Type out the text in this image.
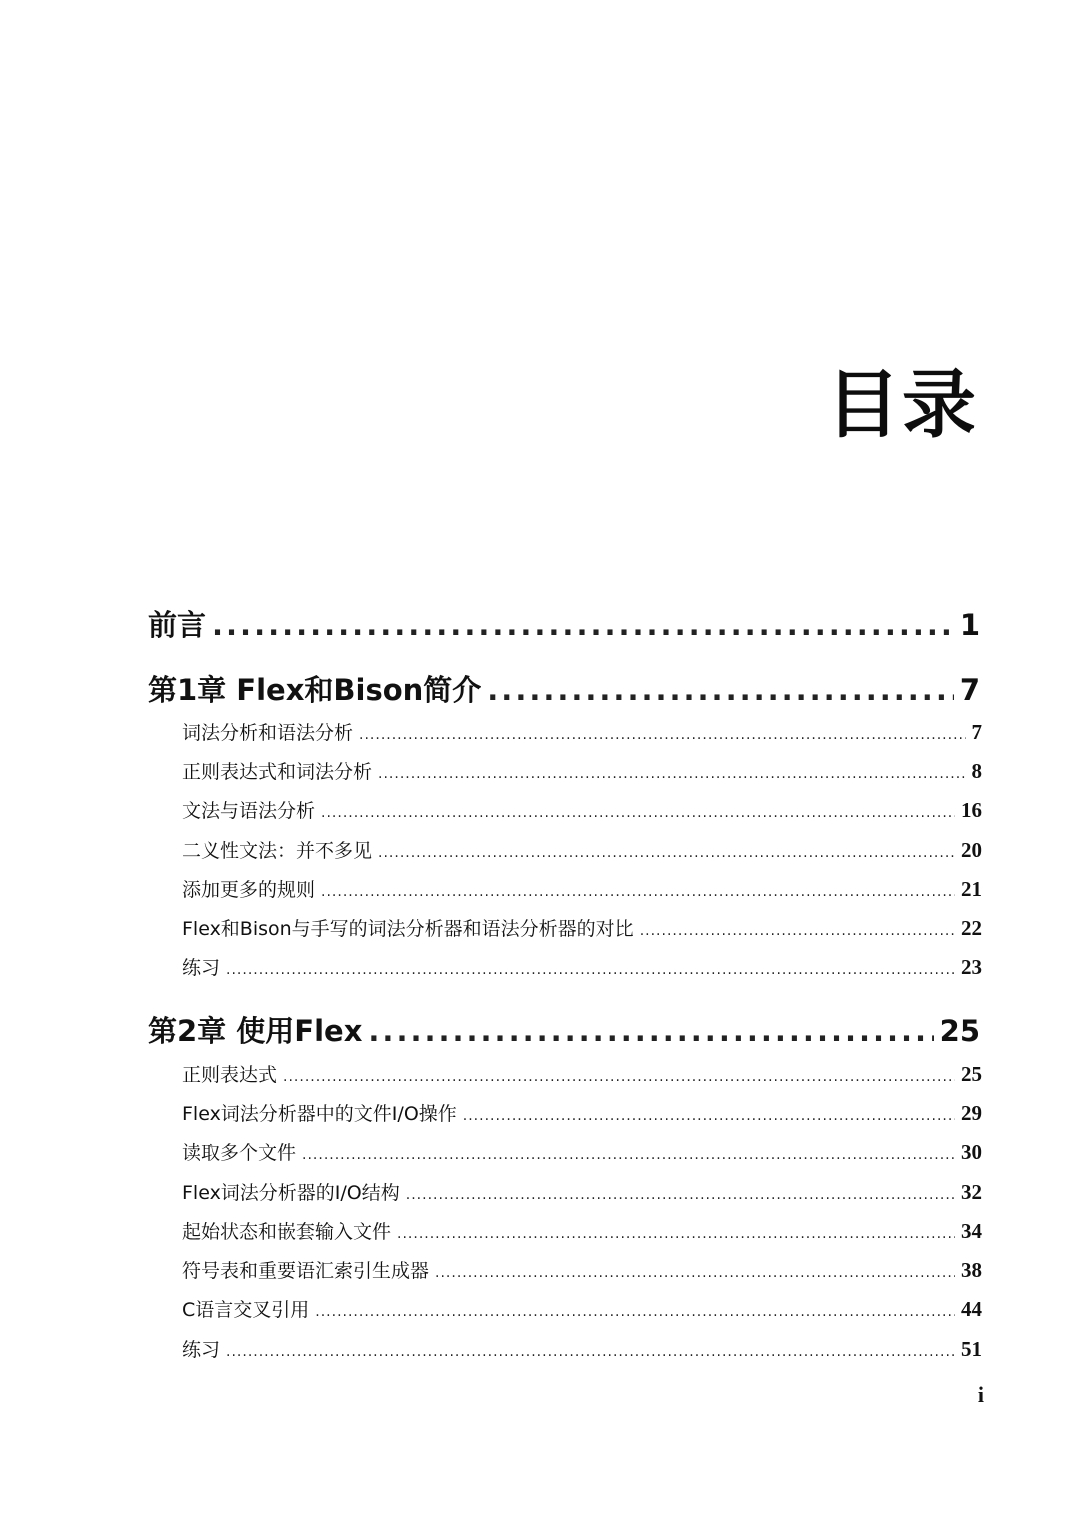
目录
前言 .....	1
第1章 Flex和Bison简介 .....	7
词法分析和语法分析 .....	7
正则表达式和词法分析 .....	8
文法与语法分析 .....	16
二义性文法：并不多见 .....	20
添加更多的规则 .....	21
Flex和Bison与手写的词法分析器和语法分析器的对比 .....	22
练习 .....	23
第2章 使用Flex .....	25
正则表达式 .....	25
Flex词法分析器中的文件I/O操作 .....	29
读取多个文件 .....	30
Flex词法分析器的I/O结构 .....	32
起始状态和嵌套输入文件 .....	34
符号表和重要语汇索引生成器 .....	38
C语言交叉引用 .....	44
练习 .....	51
i
